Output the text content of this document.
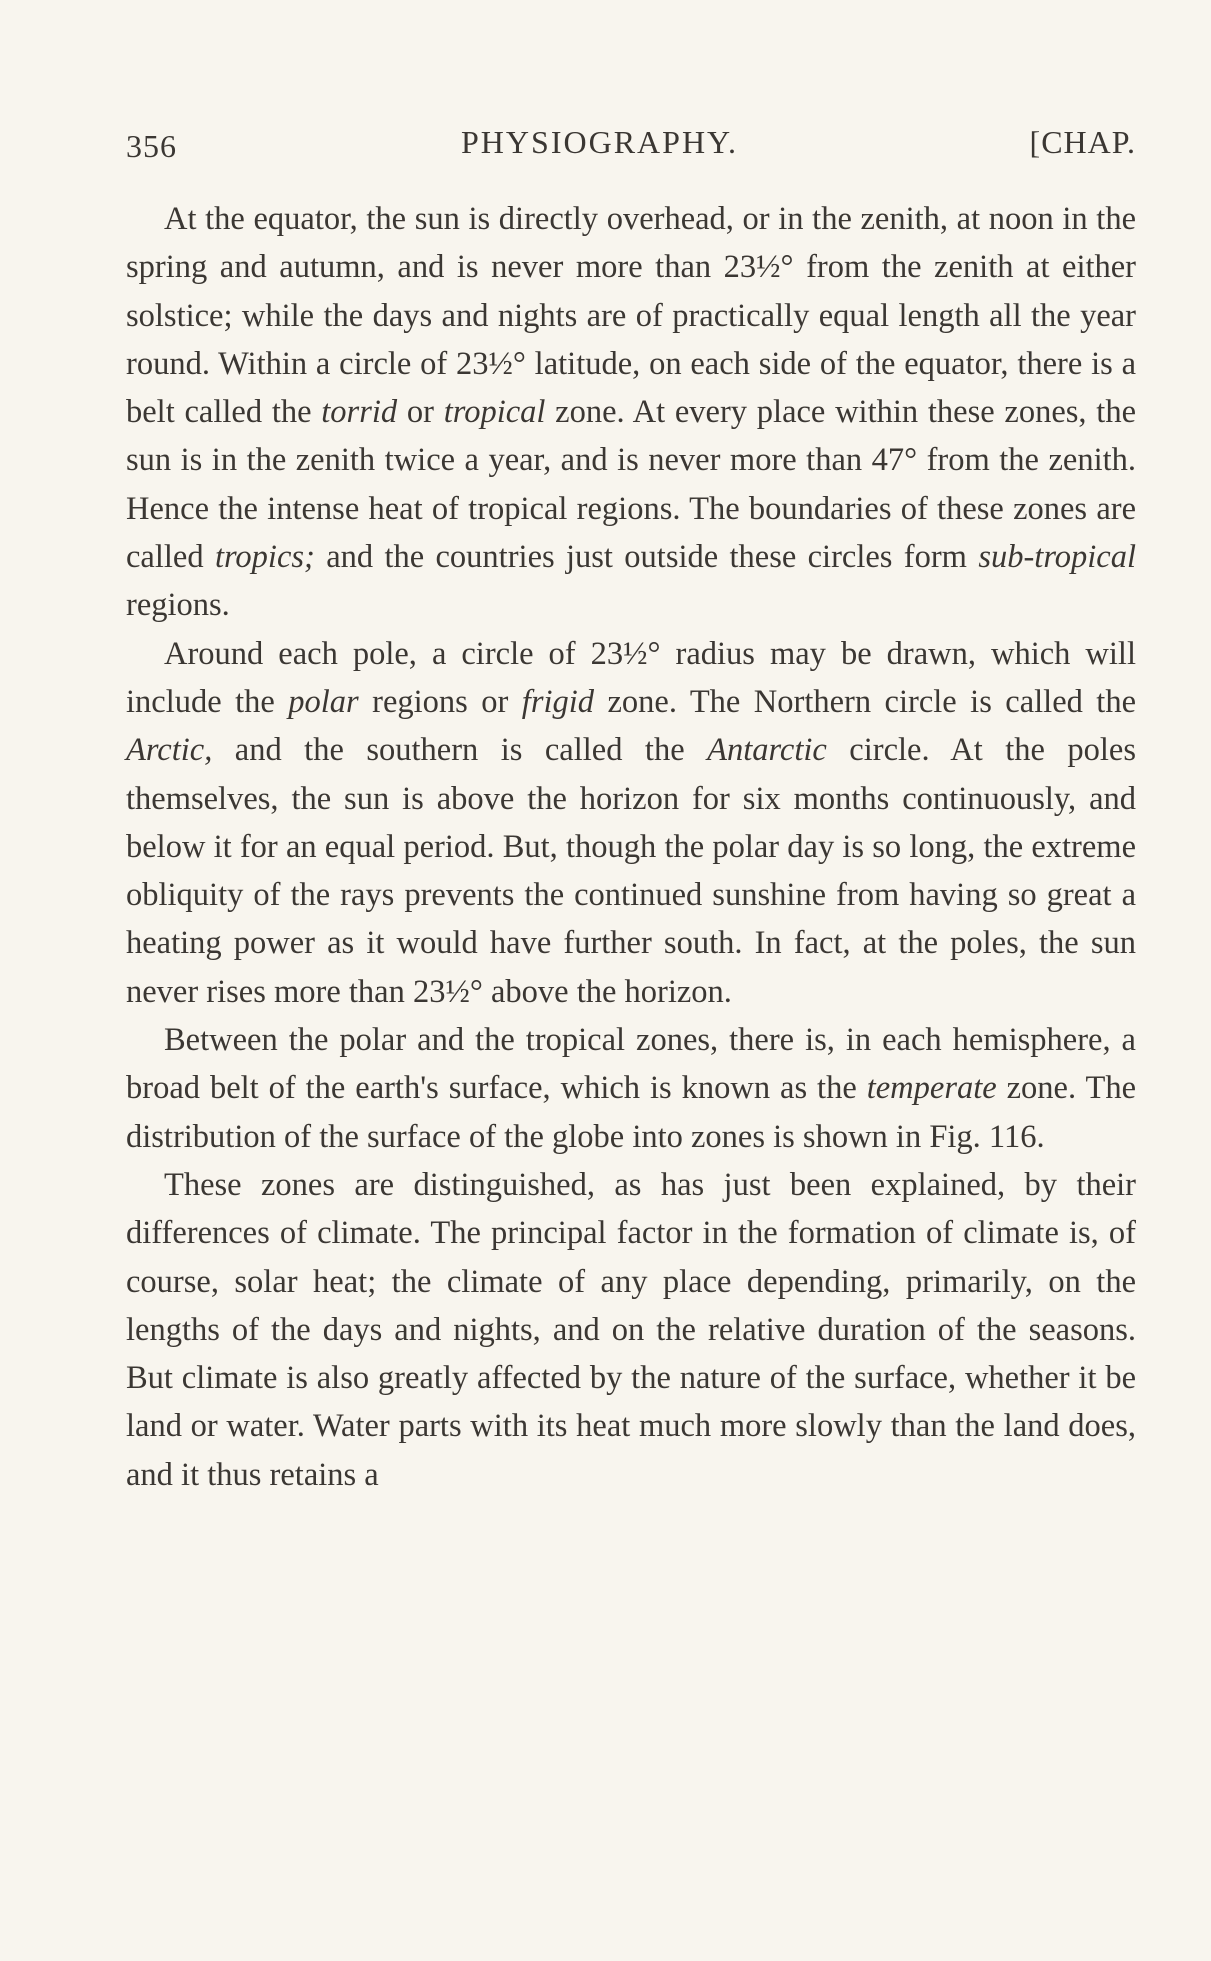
356	PHYSIOGRAPHY.	[CHAP.

At the equator, the sun is directly overhead, or in the zenith, at noon in the spring and autumn, and is never more than 23½° from the zenith at either solstice; while the days and nights are of practically equal length all the year round. Within a circle of 23½° latitude, on each side of the equator, there is a belt called the torrid or tropical zone. At every place within these zones, the sun is in the zenith twice a year, and is never more than 47° from the zenith. Hence the intense heat of tropical regions. The boundaries of these zones are called tropics; and the countries just outside these circles form sub-tropical regions.

Around each pole, a circle of 23½° radius may be drawn, which will include the polar regions or frigid zone. The Northern circle is called the Arctic, and the southern is called the Antarctic circle. At the poles themselves, the sun is above the horizon for six months continuously, and below it for an equal period. But, though the polar day is so long, the extreme obliquity of the rays prevents the continued sunshine from having so great a heating power as it would have further south. In fact, at the poles, the sun never rises more than 23½° above the horizon.

Between the polar and the tropical zones, there is, in each hemisphere, a broad belt of the earth's surface, which is known as the temperate zone. The distribution of the surface of the globe into zones is shown in Fig. 116.

These zones are distinguished, as has just been explained, by their differences of climate. The principal factor in the formation of climate is, of course, solar heat; the climate of any place depending, primarily, on the lengths of the days and nights, and on the relative duration of the seasons. But climate is also greatly affected by the nature of the surface, whether it be land or water. Water parts with its heat much more slowly than the land does, and it thus retains a
